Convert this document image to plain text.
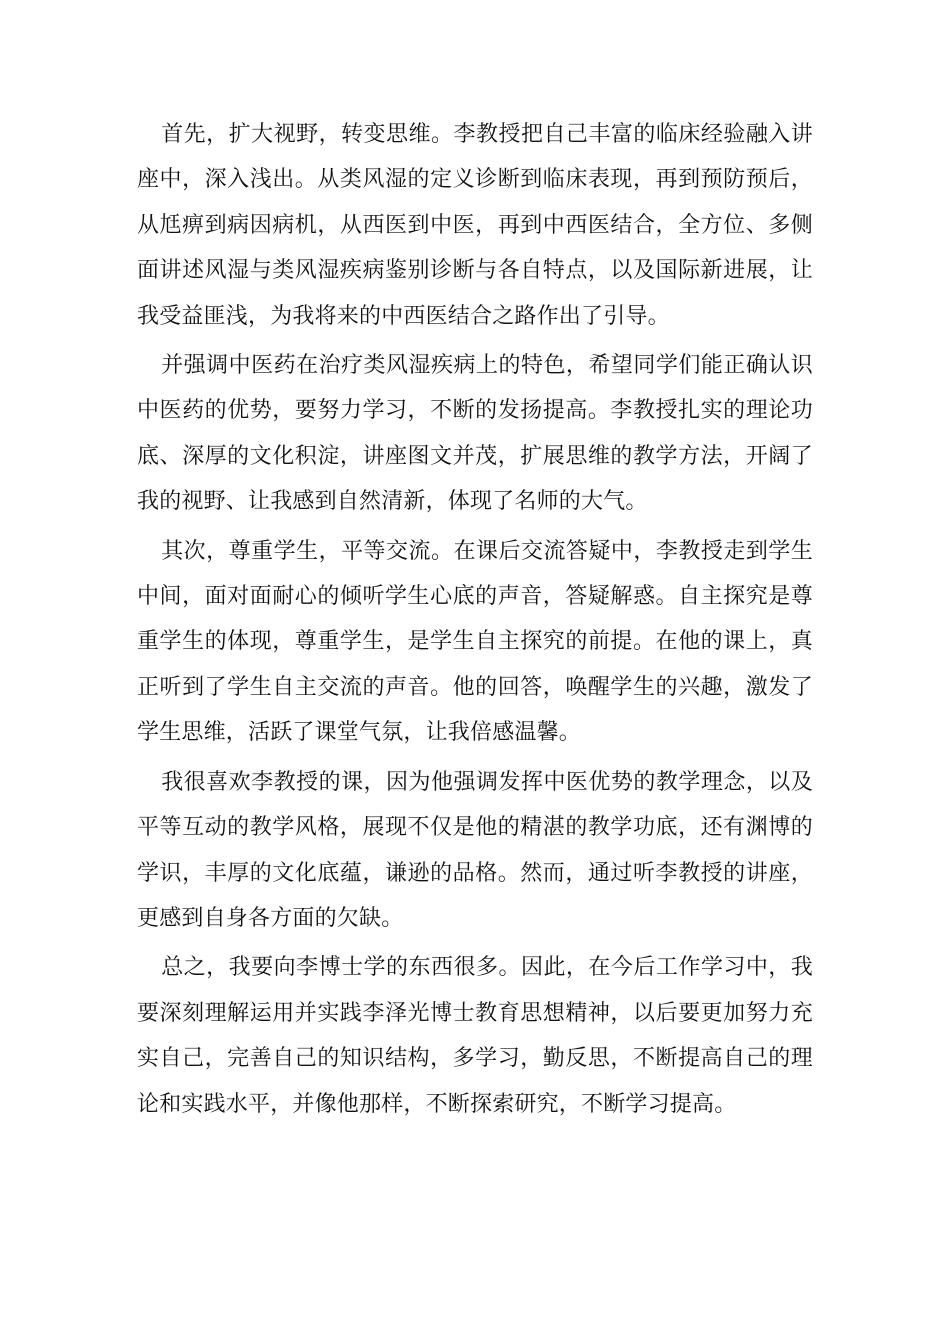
首先，扩大视野，转变思维。李教授把自己丰富的临床经验融入讲座中，深入浅出。从类风湿的定义诊断到临床表现，再到预防预后，从尪痹到病因病机，从西医到中医，再到中西医结合，全方位、多侧面讲述风湿与类风湿疾病鉴别诊断与各自特点，以及国际新进展，让我受益匪浅，为我将来的中西医结合之路作出了引导。

并强调中医药在治疗类风湿疾病上的特色，希望同学们能正确认识中医药的优势，要努力学习，不断的发扬提高。李教授扎实的理论功底、深厚的文化积淀，讲座图文并茂，扩展思维的教学方法，开阔了我的视野、让我感到自然清新，体现了名师的大气。

其次，尊重学生，平等交流。在课后交流答疑中，李教授走到学生中间，面对面耐心的倾听学生心底的声音，答疑解惑。自主探究是尊重学生的体现，尊重学生，是学生自主探究的前提。在他的课上，真正听到了学生自主交流的声音。他的回答，唤醒学生的兴趣，激发了学生思维，活跃了课堂气氛，让我倍感温馨。

我很喜欢李教授的课，因为他强调发挥中医优势的教学理念，以及平等互动的教学风格，展现不仅是他的精湛的教学功底，还有渊博的学识，丰厚的文化底蕴，谦逊的品格。然而，通过听李教授的讲座，更感到自身各方面的欠缺。

总之，我要向李博士学的东西很多。因此，在今后工作学习中，我要深刻理解运用并实践李泽光博士教育思想精神，以后要更加努力充实自己，完善自己的知识结构，多学习，勤反思，不断提高自己的理论和实践水平，并像他那样，不断探索研究，不断学习提高。
